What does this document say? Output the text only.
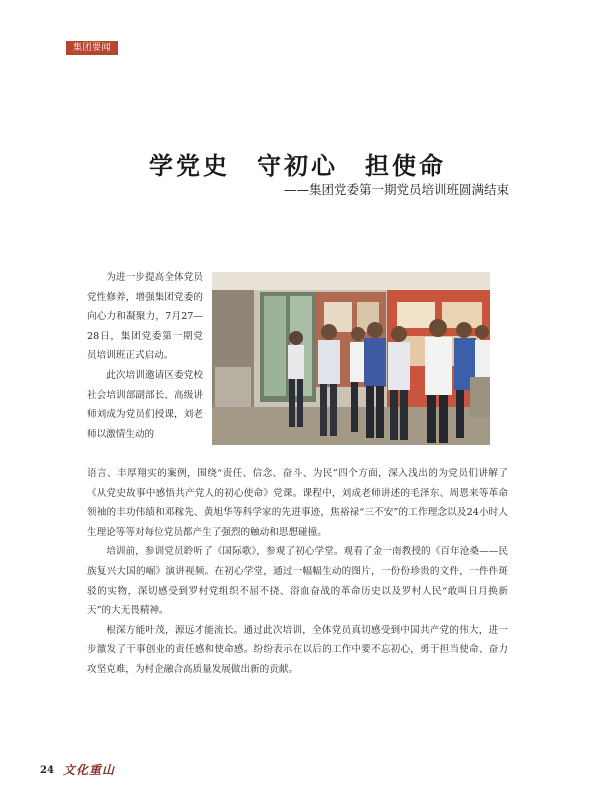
集团要闻
学党史　守初心　担使命
——集团党委第一期党员培训班圆满结束

为进一步提高全体党员党性修养，增强集团党委的向心力和凝聚力，7月27—28日，集团党委第一期党员培训班正式启动。

此次培训邀请区委党校社会培训部副部长、高级讲师刘成为党员们授课，刘老师以激情生动的

语言、丰厚翔实的案例，围绕“责任、信念、奋斗、为民”四个方面，深入浅出的为党员们讲解了《从党史故事中感悟共产党人的初心使命》党课。课程中，刘成老师讲述的毛泽东、周恩来等革命领袖的丰功伟绩和邓稼先、黄旭华等科学家的先进事迹，焦裕禄“三不安”的工作理念以及24小时人生理论等等对每位党员都产生了强烈的触动和思想碰撞。

培训前，参训党员聆听了《国际歌》，参观了初心学堂。观看了金一南教授的《百年沧桑——民族复兴大国的崛》演讲视频。在初心学堂，通过一幅幅生动的图片，一份份珍贵的文件，一件件斑驳的实物，深切感受到罗村党组织不屈不挠、浴血奋战的革命历史以及罗村人民“敢叫日月换新天”的大无畏精神。

根深方能叶茂，源远才能流长。通过此次培训，全体党员真切感受到中国共产党的伟大，进一步激发了干事创业的责任感和使命感。纷纷表示在以后的工作中要不忘初心，勇于担当使命、奋力攻坚克难，为村企融合高质量发展做出新的贡献。

24 文化重山
